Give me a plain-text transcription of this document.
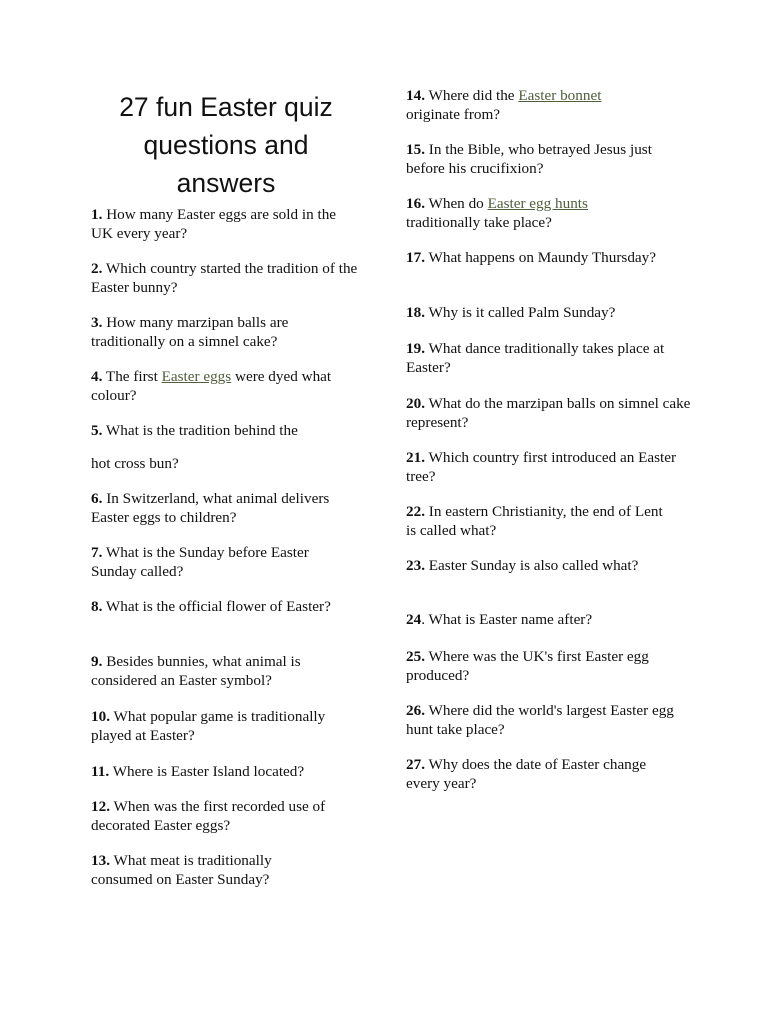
27 fun Easter quiz questions and answers

1. How many Easter eggs are sold in the UK every year?

2. Which country started the tradition of the Easter bunny?

3. How many marzipan balls are traditionally on a simnel cake?

4. The first Easter eggs were dyed what colour?

5. What is the tradition behind the

hot cross bun?

6. In Switzerland, what animal delivers Easter eggs to children?

7. What is the Sunday before Easter Sunday called?

8. What is the official flower of Easter?

9. Besides bunnies, what animal is considered an Easter symbol?

10. What popular game is traditionally played at Easter?

11. Where is Easter Island located?

12. When was the first recorded use of decorated Easter eggs?

13. What meat is traditionally consumed on Easter Sunday?

14. Where did the Easter bonnet originate from?

15. In the Bible, who betrayed Jesus just before his crucifixion?

16. When do Easter egg hunts traditionally take place?

17. What happens on Maundy Thursday?

18. Why is it called Palm Sunday?

19. What dance traditionally takes place at Easter?

20. What do the marzipan balls on simnel cake represent?

21. Which country first introduced an Easter tree?

22. In eastern Christianity, the end of Lent is called what?

23. Easter Sunday is also called what?

24. What is Easter name after?

25. Where was the UK's first Easter egg produced?

26. Where did the world's largest Easter egg hunt take place?

27. Why does the date of Easter change every year?
